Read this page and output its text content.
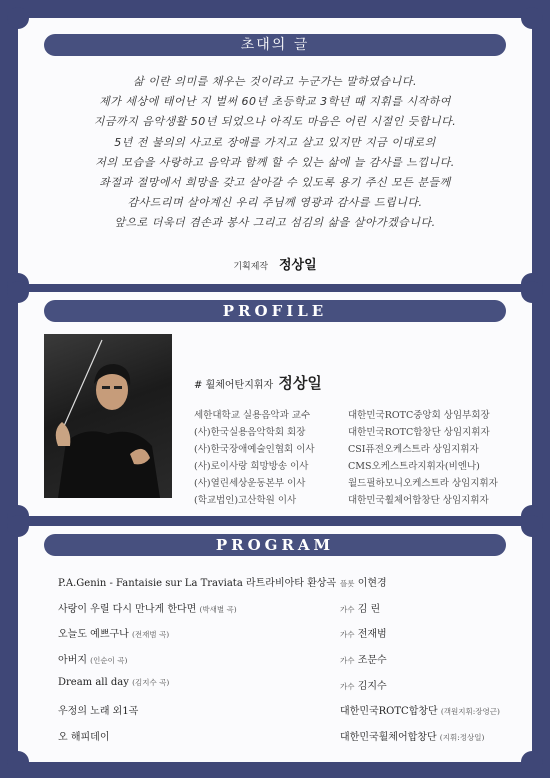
초대의 글
삶 이란 의미를 채우는 것이라고 누군가는 말하였습니다.
제가 세상에 태어난 지 벌써 60년 초등학교 3학년 때 지휘를 시작하여
지금까지 음악생활 50년 되었으나 아직도 마음은 어린 시절인 듯합니다.
5년 전 불의의 사고로 장애를 가지고 살고 있지만 지금 이대로의
저의 모습을 사랑하고 음악과 함께 할 수 있는 삶에 늘 감사를 느낍니다.
좌절과 절망에서 희망을 갖고 살아갈 수 있도록 용기 주신 모든 분들께
감사드리며 살아계신 우리 주님께 영광과 감사를 드립니다.
앞으로 더욱더 겸손과 봉사 그리고 섬김의 삶을 살아가겠습니다.
기획제작 정상일
PROFILE
# 휠체어탄지휘자 정상일
세한대학교 실용음악과 교수
(사)한국실용음악학회 회장
(사)한국장애예술인협회 이사
(사)로이사랑 희망방송 이사
(사)열린세상운동본부 이사
(학교법인)고산학원 이사
대한민국ROTC중앙회 상임부회장
대한민국ROTC합창단 상임지휘자
CSI퓨전오케스트라 상임지휘자
CMS오케스트라지휘자(비엔나)
월드필하모니오케스트라 상임지휘자
대한민국휠체어합창단 상임지휘자
PROGRAM
P.A.Genin - Fantaisie sur La Traviata 라트라비아타 환상곡 플롯 이현경
사랑이 우릴 다시 만나게 한다면 (박새별 곡)	가수 김 린
오늘도 예쁘구나 (전재범 곡)	가수 전재범
아버지 (인순이 곡)	가수 조문수
Dream all day (김지수 곡)	가수 김지수
우정의 노래 외1곡	대한민국ROTC합창단 (객원지휘:장영근)
오 해피데이	대한민국휠체어합창단 (지휘:정상일)
